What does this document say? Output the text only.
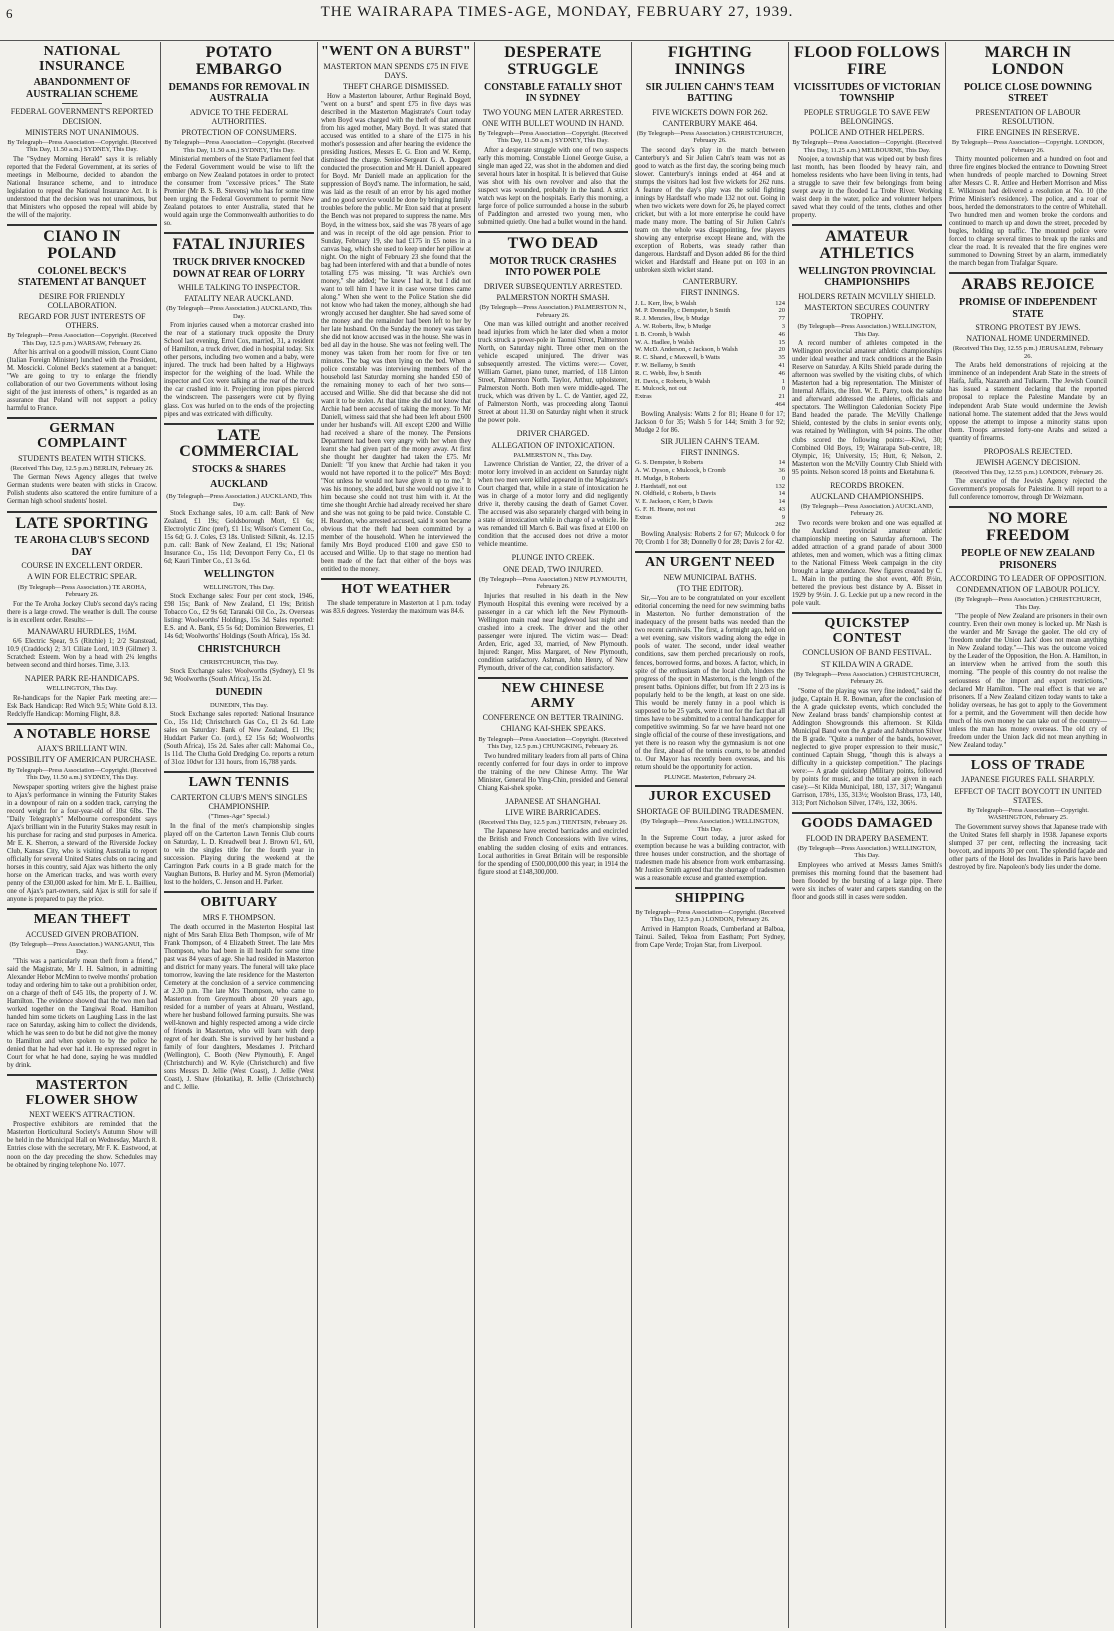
6	THE WAIRARAPA TIMES-AGE, MONDAY, FEBRUARY 27, 1939.
NATIONAL INSURANCE
ABANDONMENT OF AUSTRALIAN SCHEME
FEDERAL GOVERNMENT'S REPORTED DECISION.
MINISTERS NOT UNANIMOUS.
By Telegraph—Press Association—Copyright. (Received This Day, 11.50 a.m.) SYDNEY, This Day.
The "Sydney Morning Herald" says it is reliably reported that the Federal Government, at its series of meetings in Melbourne, decided to abandon the National Insurance scheme, and to introduce legislation to repeal the National Insurance Act. It is understood that the decision was not unanimous, but that Ministers who opposed the repeal will abide by the will of the majority.
CIANO IN POLAND
COLONEL BECK'S STATEMENT AT BANQUET
DESIRE FOR FRIENDLY COLLABORATION.
REGARD FOR JUST INTERESTS OF OTHERS.
By Telegraph—Press Association—Copyright. (Received This Day, 12.5 p.m.) WARSAW, February 26.
After his arrival on a goodwill mission, Count Ciano (Italian Foreign Minister) lunched with the President, M. Moscicki. Colonel Beck's statement at a banquet: "We are going to try to enlarge the friendly collaboration of our two Governments without losing sight of the just interests of others," is regarded as an assurance that Poland will not support a policy harmful to France.
GERMAN COMPLAINT
STUDENTS BEATEN WITH STICKS.
(Received This Day, 12.5 p.m.) BERLIN, February 26.
The German News Agency alleges that twelve German students were beaten with sticks in Cracow. Polish students also scattered the entire furniture of a German high school students' hostel.
LATE SPORTING
TE AROHA CLUB'S SECOND DAY
COURSE IN EXCELLENT ORDER.
A WIN FOR ELECTRIC SPEAR.
(By Telegraph—Press Association.) TE AROHA, February 26.
For the Te Aroha Jockey Club's second day's racing there is a large crowd. The weather is dull. The course is in excellent order. Results:—
MANAWARU HURDLES, 1½M.
6/6 Electric Spear, 9.5 (Ritchie) 1; 2/2 Stanstead, 10.9 (Craddock) 2; 3/1 Ciliate Lord, 10.9 (Gilmer) 3. Scratched: Esteem. Won by a head with 2¼ lengths between second and third horses. Time, 3.13.
NAPIER PARK RE-HANDICAPS.
WELLINGTON, This Day.
Re-handicaps for the Napier Park meeting are:— Esk Back Handicap: Red Witch 9.5; White Gold 8.13. Redclyffe Handicap: Morning Flight, 8.8.
A NOTABLE HORSE
AJAX'S BRILLIANT WIN.
POSSIBILITY OF AMERICAN PURCHASE.
By Telegraph—Press Association—Copyright. (Received This Day, 11.50 a.m.) SYDNEY, This Day.
Newspaper sporting writers give the highest praise to Ajax's performance in winning the Futurity Stakes in a downpour of rain on a sodden track, carrying the record weight for a four-year-old of 10st 6lbs. The "Daily Telegraph's" Melbourne correspondent says Ajax's brilliant win in the Futurity Stakes may result in his purchase for racing and stud purposes in America. Mr E. K. Sherron, a steward of the Riverside Jockey Club, Kansas City, who is visiting Australia to report officially for several United States clubs on racing and horses in this country, said Ajax was hitherto the only horse on the American tracks, and was worth every penny of the £30,000 asked for him. Mr E. L. Baillieu, one of Ajax's part-owners, said Ajax is still for sale if anyone is prepared to pay the price.
MEAN THEFT
ACCUSED GIVEN PROBATION.
(By Telegraph—Press Association.) WANGANUI, This Day.
"This was a particularly mean theft from a friend," said the Magistrate, Mr J. H. Salmon, in admitting Alexander Hebor McMinn to twelve months' probation today and ordering him to take out a prohibition order, on a charge of theft of £45 10s, the property of J. W. Hamilton. The evidence showed that the two men had worked together on the Tangiwai Road. Hamilton handed him some tickets on Laughing Lass in the last race on Saturday, asking him to collect the dividends, which he was seen to do but he did not give the money to Hamilton and when spoken to by the police he denied that he had ever had it. He expressed regret in Court for what he had done, saying he was muddled by drink.
MASTERTON FLOWER SHOW
NEXT WEEK'S ATTRACTION.
Prospective exhibitors are reminded that the Masterton Horticultural Society's Autumn Show will be held in the Municipal Hall on Wednesday, March 8. Entries close with the secretary, Mr F. K. Eastwood, at noon on the day preceding the show. Schedules may be obtained by ringing telephone No. 1077.
POTATO EMBARGO
DEMANDS FOR REMOVAL IN AUSTRALIA
ADVICE TO THE FEDERAL AUTHORITIES.
PROTECTION OF CONSUMERS.
By Telegraph—Press Association—Copyright. (Received This Day, 11.50 a.m.) SYDNEY, This Day.
Ministerial members of the State Parliament feel that the Federal Government would be wise to lift the embargo on New Zealand potatoes in order to protect the consumer from "excessive prices." The State Premier (Mr B. S. B. Stevens) who has for some time been urging the Federal Government to permit New Zealand potatoes to enter Australia, stated that he would again urge the Commonwealth authorities to do so.
FATAL INJURIES
TRUCK DRIVER KNOCKED DOWN AT REAR OF LORRY
WHILE TALKING TO INSPECTOR.
FATALITY NEAR AUCKLAND.
(By Telegraph—Press Association.) AUCKLAND, This Day.
From injuries caused when a motorcar crashed into the rear of a stationary truck opposite the Drury School last evening, Errol Cox, married, 31, a resident of Hamilton, a truck driver, died in hospital today. Six other persons, including two women and a baby, were injured. The truck had been halted by a Highways inspector for the weighing of the load. While the inspector and Cox were talking at the rear of the truck the car crashed into it. Projecting iron pipes pierced the windscreen. The passengers were cut by flying glass. Cox was hurled on to the ends of the projecting pipes and was extricated with difficulty.
LATE COMMERCIAL
STOCKS & SHARES
AUCKLAND
(By Telegraph—Press Association.) AUCKLAND, This Day.
Stock Exchange sales, 10 a.m. call: Bank of New Zealand, £1 19s; Goldsborough Mort, £1 6s; Electrolytic Zinc (pref), £1 11s; Wilson's Cement Co., 15s 6d; G. J. Coles, £3 18s. Unlisted: Silknit, 4s. 12.15 p.m. call: Bank of New Zealand, £1 19s; National Insurance Co., 15s 11d; Devonport Ferry Co., £1 0s 6d; Kauri Timber Co., £1 3s 6d.
WELLINGTON
WELLINGTON, This Day.
Stock Exchange sales: Four per cent stock, 1946, £98 15s; Bank of New Zealand, £1 19s; British Tobacco Co., £2 9s 6d; Taranaki Oil Co., 2s. Overseas listing: Woolworths' Holdings, 15s 3d. Sales reported: E.S. and A. Bank, £5 5s 6d; Dominion Breweries, £1 14s 6d; Woolworths' Holdings (South Africa), 15s 3d.
CHRISTCHURCH
CHRISTCHURCH, This Day.
Stock Exchange sales: Woolworths (Sydney), £1 9s 9d; Woolworths (South Africa), 15s 2d.
DUNEDIN
DUNEDIN, This Day.
Stock Exchange sales reported: National Insurance Co., 15s 11d; Christchurch Gas Co., £1 2s 6d. Late sales on Saturday: Bank of New Zealand, £1 19s; Huddart Parker Co. (ord.), £2 15s 6d; Woolworths (South Africa), 15s 2d. Sales after call: Mahomai Co., 1s 11d. The Clutha Gold Dredging Co. reports a return of 31oz 10dwt for 131 hours, from 16,788 yards.
LAWN TENNIS
CARTERTON CLUB'S MEN'S SINGLES CHAMPIONSHIP.
("Times-Age" Special.)
In the final of the men's championship singles played off on the Carterton Lawn Tennis Club courts on Saturday, L. D. Kreadwell beat J. Brown 6/1, 6/0, to win the singles title for the fourth year in succession. Playing during the weekend at the Carrington Park courts in a B grade match for the Vaughan Buttons, B. Hurley and M. Syron (Memorial) lost to the holders, C. Jenson and H. Parker.
OBITUARY
MRS F. THOMPSON.
The death occurred in the Masterton Hospital last night of Mrs Sarah Eliza Beth Thompson, wife of Mr Frank Thompson, of 4 Elizabeth Street. The late Mrs Thompson, who had been in ill health for some time past was 84 years of age. She had resided in Masterton and district for many years. The funeral will take place tomorrow, leaving the late residence for the Masterton Cemetery at the conclusion of a service commencing at 2.30 p.m. The late Mrs Thompson, who came to Masterton from Greymouth about 20 years ago, resided for a number of years at Ahuaru, Westland, where her husband followed farming pursuits. She was well-known and highly respected among a wide circle of friends in Masterton, who will learn with deep regret of her death. She is survived by her husband a family of four daughters, Mesdames J. Pritchard (Wellington), C. Booth (New Plymouth), F. Angel (Christchurch) and W. Kyle (Christchurch) and five sons Messrs D. Jellie (West Coast), J. Jellie (West Coast), J. Shaw (Hokatika), R. Jellie (Christchurch) and C. Jellie.
"WENT ON A BURST"
MASTERTON MAN SPENDS £75 IN FIVE DAYS.
THEFT CHARGE DISMISSED.
How a Masterton labourer, Arthur Reginald Boyd, "went on a burst" and spent £75 in five days was described in the Masterton Magistrate's Court today when Boyd was charged with the theft of that amount from his aged mother, Mary Boyd. It was stated that accused was entitled to a share of the £175 in his mother's possession and after hearing the evidence the presiding Justices, Messrs E. G. Eton and W. Kemp, dismissed the charge. Senior-Sergeant G. A. Doggett conducted the prosecution and Mr H. Daniell appeared for Boyd. Mr Daniell made an application for the suppression of Boyd's name. The information, he said, was laid as the result of an error by his aged mother and no good service would be done by bringing family troubles before the public. Mr Eton said that at present the Bench was not prepared to suppress the name. Mrs Boyd, in the witness box, said she was 78 years of age and was in receipt of the old age pension. Prior to Sunday, February 19, she had £175 in £5 notes in a canvas bag, which she used to keep under her pillow at night. On the night of February 23 she found that the bag had been interfered with and that a bundle of notes totalling £75 was missing. "It was Archie's own money," she added; "he knew I had it, but I did not want to tell him I have it in case worse times came along." When she went to the Police Station she did not know who had taken the money, although she had wrongly accused her daughter. She had saved some of the money and the remainder had been left to her by her late husband. On the Sunday the money was taken she did not know accused was in the house. She was in bed all day in the house. She was not feeling well. The money was taken from her room for five or ten minutes. The bag was then lying on the bed. When a police constable was interviewing members of the household last Saturday morning she handed £50 of the remaining money to each of her two sons—accused and Willie. She did that because she did not want it to be stolen. At that time she did not know that Archie had been accused of taking the money. To Mr Daniell, witness said that she had been left about £600 under her husband's will. All except £200 and Willie had received a share of the money. The Pensions Department had been very angry with her when they learnt she had given part of the money away. At first she thought her daughter had taken the £75. Mr Daniell: "If you knew that Archie had taken it you would not have reported it to the police?" Mrs Boyd: "Not unless he would not have given it up to me." It was his money, she added, but she would not give it to him because she could not trust him with it. At the time she thought Archie had already received her share and she was not going to be paid twice. Constable C. H. Reardon, who arrested accused, said it soon became obvious that the theft had been committed by a member of the household. When he interviewed the family Mrs Boyd produced £100 and gave £50 to accused and Willie. Up to that stage no mention had been made of the fact that either of the boys was entitled to the money.
HOT WEATHER
The shade temperature in Masterton at 1 p.m. today was 83.6 degrees. Yesterday the maximum was 84.6.
DESPERATE STRUGGLE
CONSTABLE FATALLY SHOT IN SYDNEY
TWO YOUNG MEN LATER ARRESTED.
ONE WITH BULLET WOUND IN HAND.
By Telegraph—Press Association—Copyright. (Received This Day, 11.50 a.m.) SYDNEY, This Day.
After a desperate struggle with one of two suspects early this morning, Constable Lionel George Guise, a single man aged 22, was shot in the abdomen and died several hours later in hospital. It is believed that Guise was shot with his own revolver and also that the suspect was wounded, probably in the hand. A strict watch was kept on the hospitals. Early this morning, a large force of police surrounded a house in the suburb of Paddington and arrested two young men, who submitted quietly. One had a bullet wound in the hand.
TWO DEAD
MOTOR TRUCK CRASHES INTO POWER POLE
DRIVER SUBSEQUENTLY ARRESTED.
PALMERSTON NORTH SMASH.
(By Telegraph—Press Association.) PALMERSTON N., February 26.
One man was killed outright and another received head injuries from which he later died when a motor truck struck a power-pole in Taonui Street, Palmerston North, on Saturday night. Three other men on the vehicle escaped uninjured. The driver was subsequently arrested. The victims were:— Cover, William Garnet, piano tuner, married, of 118 Linton Street, Palmerston North. Taylor, Arthur, upholsterer, Palmerston North. Both men were middle-aged. The truck, which was driven by L. C. de Vantier, aged 22, of Palmerston North, was proceeding along Taonui Street at about 11.30 on Saturday night when it struck the power pole.
DRIVER CHARGED.
ALLEGATION OF INTOXICATION.
PALMERSTON N., This Day.
Lawrence Christian de Vantier, 22, the driver of a motor lorry involved in an accident on Saturday night when two men were killed appeared in the Magistrate's Court charged that, while in a state of intoxication he was in charge of a motor lorry and did negligently drive it, thereby causing the death of Garnet Cover. The accused was also separately charged with being in a state of intoxication while in charge of a vehicle. He was remanded till March 6. Bail was fixed at £100 on condition that the accused does not drive a motor vehicle meantime.
PLUNGE INTO CREEK.
ONE DEAD, TWO INJURED.
(By Telegraph—Press Association.) NEW PLYMOUTH, February 26.
Injuries that resulted in his death in the New Plymouth Hospital this evening were received by a passenger in a car which left the New Plymouth-Wellington main road near Inglewood last night and crashed into a creek. The driver and the other passenger were injured. The victim was:— Dead: Arden, Eric, aged 33, married, of New Plymouth. Injured: Ranger, Miss Margaret, of New Plymouth, condition satisfactory. Ashman, John Henry, of New Plymouth, driver of the car, condition satisfactory.
NEW CHINESE ARMY
CONFERENCE ON BETTER TRAINING.
CHIANG KAI-SHEK SPEAKS.
By Telegraph—Press Association—Copyright. (Received This Day, 12.5 p.m.) CHUNGKING, February 26.
Two hundred military leaders from all parts of China recently conferred for four days in order to improve the training of the new Chinese Army. The War Minister, General Ho Ying-Chin, presided and General Chiang Kai-shek spoke.
JAPANESE AT SHANGHAI.
LIVE WIRE BARRICADES.
(Received This Day, 12.5 p.m.) TIENTSIN, February 26.
The Japanese have erected barricades and encircled the British and French Concessions with live wires, enabling the sudden closing of exits and entrances. Local authorities in Great Britain will be responsible for the spending of £500,000,000 this year; in 1914 the figure stood at £148,300,000.
FIGHTING INNINGS
SIR JULIEN CAHN'S TEAM BATTING
FIVE WICKETS DOWN FOR 262.
CANTERBURY MAKE 464.
(By Telegraph—Press Association.) CHRISTCHURCH, February 26.
The second day's play in the match between Canterbury's and Sir Julien Cahn's team was not as good to watch as the first day, the scoring being much slower. Canterbury's innings ended at 464 and at stumps the visitors had lost five wickets for 262 runs. A feature of the day's play was the solid fighting innings by Hardstaff who made 132 not out. Going in when two wickets were down for 26, he played correct cricket, but with a lot more enterprise he could have made many more. The batting of Sir Julien Cahn's team on the whole was disappointing, few players showing any enterprise except Heane and, with the exception of Roberts, was steady rather than dangerous. Hardstaff and Dyson added 86 for the third wicket and Hardstaff and Heane put on 103 in an unbroken sixth wicket stand.
CANTERBURY.
FIRST INNINGS.
J. L. Kerr, lbw, b Walsh	124
M. P. Donnelly, c Dempster, b Smith	20
R. J. Menzies, lbw, b Mudge	77
A. W. Roberts, lbw, b Mudge	3
I. B. Cromb, b Walsh	46
W. A. Hadlee, b Walsh	15
W. McD. Anderson, c Jackson, b Walsh	20
R. C. Shand, c Maxwell, b Watts	35
F. W. Bellamy, b Smith	41
R. C. Webb, lbw, b Smith	46
H. Davis, c Roberts, b Walsh	1
E. Mulcock, not out	0
Extras	21
464
Bowling Analysis: Watts 2 for 81; Heane 0 for 17; Jackson 0 for 35; Walsh 5 for 144; Smith 3 for 92; Mudge 2 for 86.
SIR JULIEN CAHN'S TEAM.
FIRST INNINGS.
G. S. Dempster, b Roberts	14
A. W. Dyson, c Mulcock, b Cromb	36
H. Mudge, b Roberts	0
J. Hardstaff, not out	132
N. Oldfield, c Roberts, b Davis	14
V. E. Jackson, c Kerr, b Davis	14
G. F. H. Heane, not out	43
Extras	9
262
Bowling Analysis: Roberts 2 for 67; Mulcock 0 for 70; Cromb 1 for 38; Donnelly 0 for 28; Davis 2 for 42.
AN URGENT NEED
NEW MUNICIPAL BATHS.
(TO THE EDITOR).
Sir,—You are to be congratulated on your excellent editorial concerning the need for new swimming baths in Masterton. No further demonstration of the inadequacy of the present baths was needed than the two recent carnivals. The first, a fortnight ago, held on a wet evening, saw visitors wading along the edge in pools of water. The second, under ideal weather conditions, saw them perched precariously on roofs, fences, borrowed forms, and boxes. A factor, which, in spite of the enthusiasm of the local club, hinders the progress of the sport in Masterton, is the length of the present baths. Opinions differ, but from 1ft 2 2/3 ins is popularly held to be the length, at least on one side. This would be merely funny in a pool which is supposed to be 25 yards, were it not for the fact that all times have to be submitted to a central handicapper for competitive swimming. So far we have heard not one single official of the course of these investigations, and yet there is no reason why the gymnasium is not one of the first, ahead of the tennis courts, to be attended to. Our Mayor has recently been overseas, and his return should be the opportunity for action.
PLUNGE. Masterton, February 24.
JUROR EXCUSED
SHORTAGE OF BUILDING TRADESMEN.
(By Telegraph—Press Association.) WELLINGTON, This Day.
In the Supreme Court today, a juror asked for exemption because he was a building contractor, with three houses under construction, and the shortage of tradesmen made his absence from work embarrassing. Mr Justice Smith agreed that the shortage of tradesmen was a reasonable excuse and granted exemption.
SHIPPING
By Telegraph—Press Association—Copyright. (Received This Day, 12.5 p.m.) LONDON, February 26.
Arrived in Hampton Roads, Cumberland at Balboa, Tainui. Sailed, Tekoa from Eastham; Port Sydney, from Cape Verde; Trojan Star, from Liverpool.
FLOOD FOLLOWS FIRE
VICISSITUDES OF VICTORIAN TOWNSHIP
PEOPLE STRUGGLE TO SAVE FEW BELONGINGS.
POLICE AND OTHER HELPERS.
By Telegraph—Press Association—Copyright. (Received This Day, 11.25 a.m.) MELBOURNE, This Day.
Noojee, a township that was wiped out by bush fires last month, has been flooded by heavy rain, and homeless residents who have been living in tents, had a struggle to save their few belongings from being swept away in the flooded La Trobe River. Working waist deep in the water, police and volunteer helpers saved what they could of the tents, clothes and other property.
AMATEUR ATHLETICS
WELLINGTON PROVINCIAL CHAMPIONSHIPS
HOLDERS RETAIN MCVILLY SHIELD.
MASTERTON SECURES COUNTRY TROPHY.
(By Telegraph—Press Association.) WELLINGTON, This Day.
A record number of athletes competed in the Wellington provincial amateur athletic championships under ideal weather and track conditions at the Basin Reserve on Saturday. A Kilts Shield parade during the afternoon was swelled by the visiting clubs, of which Masterton had a big representation. The Minister of Internal Affairs, the Hon. W. E. Parry, took the salute and afterward addressed the athletes, officials and spectators. The Wellington Caledonian Society Pipe Band headed the parade. The McVilly Challenge Shield, contested by the clubs in senior events only, was retained by Wellington, with 94 points. The other clubs scored the following points:—Kiwi, 30; Combined Old Boys, 19; Wairarapa Sub-centre, 18; Olympic, 16; University, 15; Hutt, 6; Nelson, 2. Masterton won the McVilly Country Club Shield with 95 points. Nelson scored 18 points and Eketahuna 6.
RECORDS BROKEN.
AUCKLAND CHAMPIONSHIPS.
(By Telegraph—Press Association.) AUCKLAND, February 26.
Two records were broken and one was equalled at the Auckland provincial amateur athletic championship meeting on Saturday afternoon. The added attraction of a grand parade of about 3000 athletes, men and women, which was a fitting climax to the National Fitness Week campaign in the city brought a large attendance. New figures created by C. L. Main in the putting the shot event, 40ft 8½in, bettered the previous best distance by A. Bisset in 1929 by 9½in. J. G. Leckie put up a new record in the pole vault.
QUICKSTEP CONTEST
CONCLUSION OF BAND FESTIVAL.
ST KILDA WIN A GRADE.
(By Telegraph—Press Association.) CHRISTCHURCH, February 26.
"Some of the playing was very fine indeed," said the judge, Captain H. R. Bowman, after the conclusion of the A grade quickstep events, which concluded the New Zealand brass bands' championship contest at Addington Showgrounds this afternoon. St Kilda Municipal Band won the A grade and Ashburton Silver the B grade. "Quite a number of the bands, however, neglected to give proper expression to their music," continued Captain Shugg, "though this is always a difficulty in a quickstep competition." The placings were:— A grade quickstep (Military points, followed by points for music, and the total are given in each case):—St Kilda Municipal, 180, 137, 317; Wanganui Garrison, 178½, 135, 313½; Woolston Brass, 173, 140, 313; Port Nicholson Silver, 174½, 132, 306½.
GOODS DAMAGED
FLOOD IN DRAPERY BASEMENT.
(By Telegraph—Press Association.) WELLINGTON, This Day.
Employees who arrived at Messrs James Smith's premises this morning found that the basement had been flooded by the bursting of a large pipe. There were six inches of water and carpets standing on the floor and goods still in cases were sodden.
MARCH IN LONDON
POLICE CLOSE DOWNING STREET
PRESENTATION OF LABOUR RESOLUTION.
FIRE ENGINES IN RESERVE.
By Telegraph—Press Association—Copyright. LONDON, February 26.
Thirty mounted policemen and a hundred on foot and three fire engines blocked the entrance to Downing Street when hundreds of people marched to Downing Street after Messrs C. R. Attlee and Herbert Morrison and Miss E. Wilkinson had delivered a resolution at No. 10 (the Prime Minister's residence). The police, and a roar of boos, herded the demonstrators to the centre of Whitehall. Two hundred men and women broke the cordons and continued to march up and down the street, preceded by bugles, holding up traffic. The mounted police were forced to charge several times to break up the ranks and clear the road. It is revealed that the fire engines were summoned to Downing Street by an alarm, immediately the march began from Trafalgar Square.
ARABS REJOICE
PROMISE OF INDEPENDENT STATE
STRONG PROTEST BY JEWS.
NATIONAL HOME UNDERMINED.
(Received This Day, 12.55 p.m.) JERUSALEM, February 26.
The Arabs held demonstrations of rejoicing at the imminence of an independent Arab State in the streets of Haifa, Jaffa, Nazareth and Tulkarm. The Jewish Council has issued a statement declaring that the reported proposal to replace the Palestine Mandate by an independent Arab State would undermine the Jewish national home. The statement added that the Jews would oppose the attempt to impose a minority status upon them. Troops arrested forty-one Arabs and seized a quantity of firearms.
PROPOSALS REJECTED.
JEWISH AGENCY DECISION.
(Received This Day, 12.55 p.m.) LONDON, February 26.
The executive of the Jewish Agency rejected the Government's proposals for Palestine. It will report to a full conference tomorrow, through Dr Weizmann.
NO MORE FREEDOM
PEOPLE OF NEW ZEALAND PRISONERS
ACCORDING TO LEADER OF OPPOSITION.
CONDEMNATION OF LABOUR POLICY.
(By Telegraph—Press Association.) CHRISTCHURCH, This Day.
"The people of New Zealand are prisoners in their own country. Even their own money is locked up. Mr Nash is the warder and Mr Savage the gaoler. The old cry of 'freedom under the Union Jack' does not mean anything in New Zealand today."—This was the outcome voiced by the Leader of the Opposition, the Hon. A. Hamilton, in an interview when he arrived from the south this morning. "The people of this country do not realise the seriousness of the import and export restrictions," declared Mr Hamilton. "The real effect is that we are prisoners. If a New Zealand citizen today wants to take a holiday overseas, he has got to apply to the Government for a permit, and the Government will then decide how much of his own money he can take out of the country—unless the man has money overseas. The old cry of freedom under the Union Jack did not mean anything in New Zealand today."
LOSS OF TRADE
JAPANESE FIGURES FALL SHARPLY.
EFFECT OF TACIT BOYCOTT IN UNITED STATES.
By Telegraph—Press Association—Copyright. WASHINGTON, February 25.
The Government survey shows that Japanese trade with the United States fell sharply in 1938. Japanese exports slumped 37 per cent, reflecting the increasing tacit boycott, and imports 30 per cent. The splendid façade and other parts of the Hotel des Invalides in Paris have been destroyed by fire. Napoleon's body lies under the dome.
